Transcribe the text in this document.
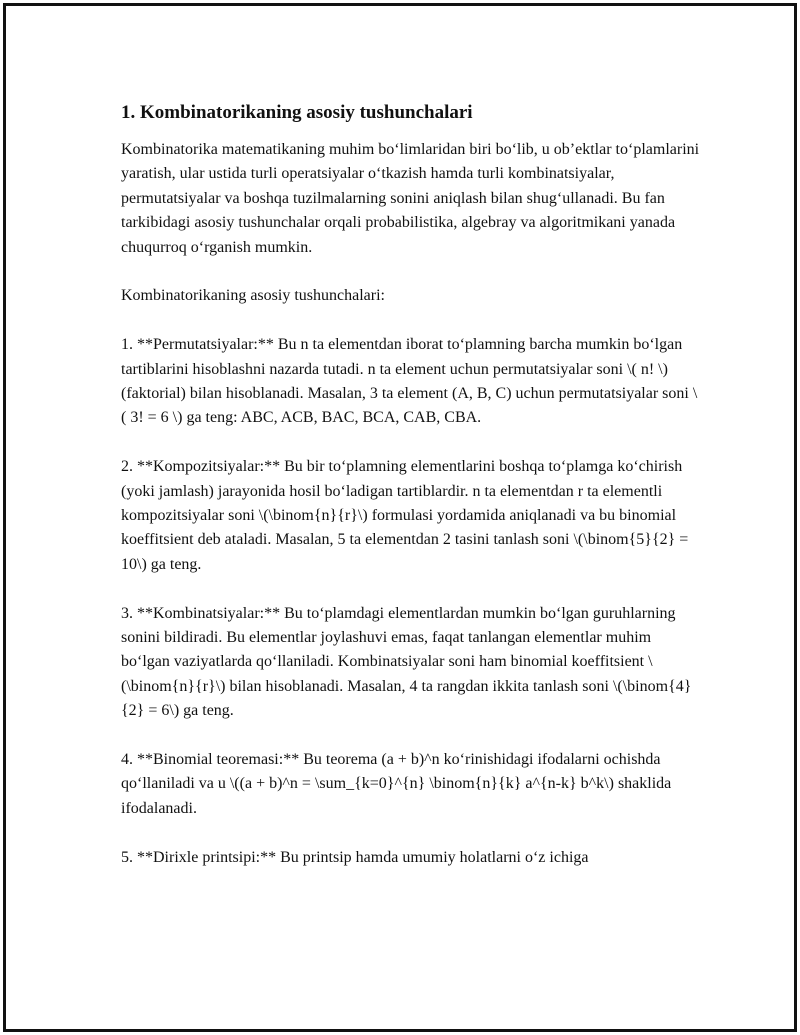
1. Kombinatorikaning asosiy tushunchalari

Kombinatorika matematikaning muhim bo‘limlaridan biri bo‘lib, u ob’ektlar to‘plamlarini yaratish, ular ustida turli operatsiyalar o‘tkazish hamda turli kombinatsiyalar, permutatsiyalar va boshqa tuzilmalarning sonini aniqlash bilan shug‘ullanadi. Bu fan tarkibidagi asosiy tushunchalar orqali probabilistika, algebray va algoritmikani yanada chuqurroq o‘rganish mumkin.

Kombinatorikaning asosiy tushunchalari:

1. **Permutatsiyalar:** Bu n ta elementdan iborat to‘plamning barcha mumkin bo‘lgan tartiblarini hisoblashni nazarda tutadi. n ta element uchun permutatsiyalar soni \( n! \) (faktorial) bilan hisoblanadi. Masalan, 3 ta element (A, B, C) uchun permutatsiyalar soni \( 3! = 6 \) ga teng: ABC, ACB, BAC, BCA, CAB, CBA.

2. **Kompozitsiyalar:** Bu bir to‘plamning elementlarini boshqa to‘plamga ko‘chirish (yoki jamlash) jarayonida hosil bo‘ladigan tartiblardir. n ta elementdan r ta elementli kompozitsiyalar soni \(\binom{n}{r}\) formulasi yordamida aniqlanadi va bu binomial koeffitsient deb ataladi. Masalan, 5 ta elementdan 2 tasini tanlash soni \(\binom{5}{2} = 10\) ga teng.

3. **Kombinatsiyalar:** Bu to‘plamdagi elementlardan mumkin bo‘lgan guruhlarning sonini bildiradi. Bu elementlar joylashuvi emas, faqat tanlangan elementlar muhim bo‘lgan vaziyatlarda qo‘llaniladi. Kombinatsiyalar soni ham binomial koeffitsient \(\binom{n}{r}\) bilan hisoblanadi. Masalan, 4 ta rangdan ikkita tanlash soni \(\binom{4}{2} = 6\) ga teng.

4. **Binomial teoremasi:** Bu teorema (a + b)^n ko‘rinishidagi ifodalarni ochishda qo‘llaniladi va u \((a + b)^n = \sum_{k=0}^{n} \binom{n}{k} a^{n-k} b^k\) shaklida ifodalanadi.

5. **Dirixle printsipi:** Bu printsip hamda umumiy holatlarni o‘z ichiga
